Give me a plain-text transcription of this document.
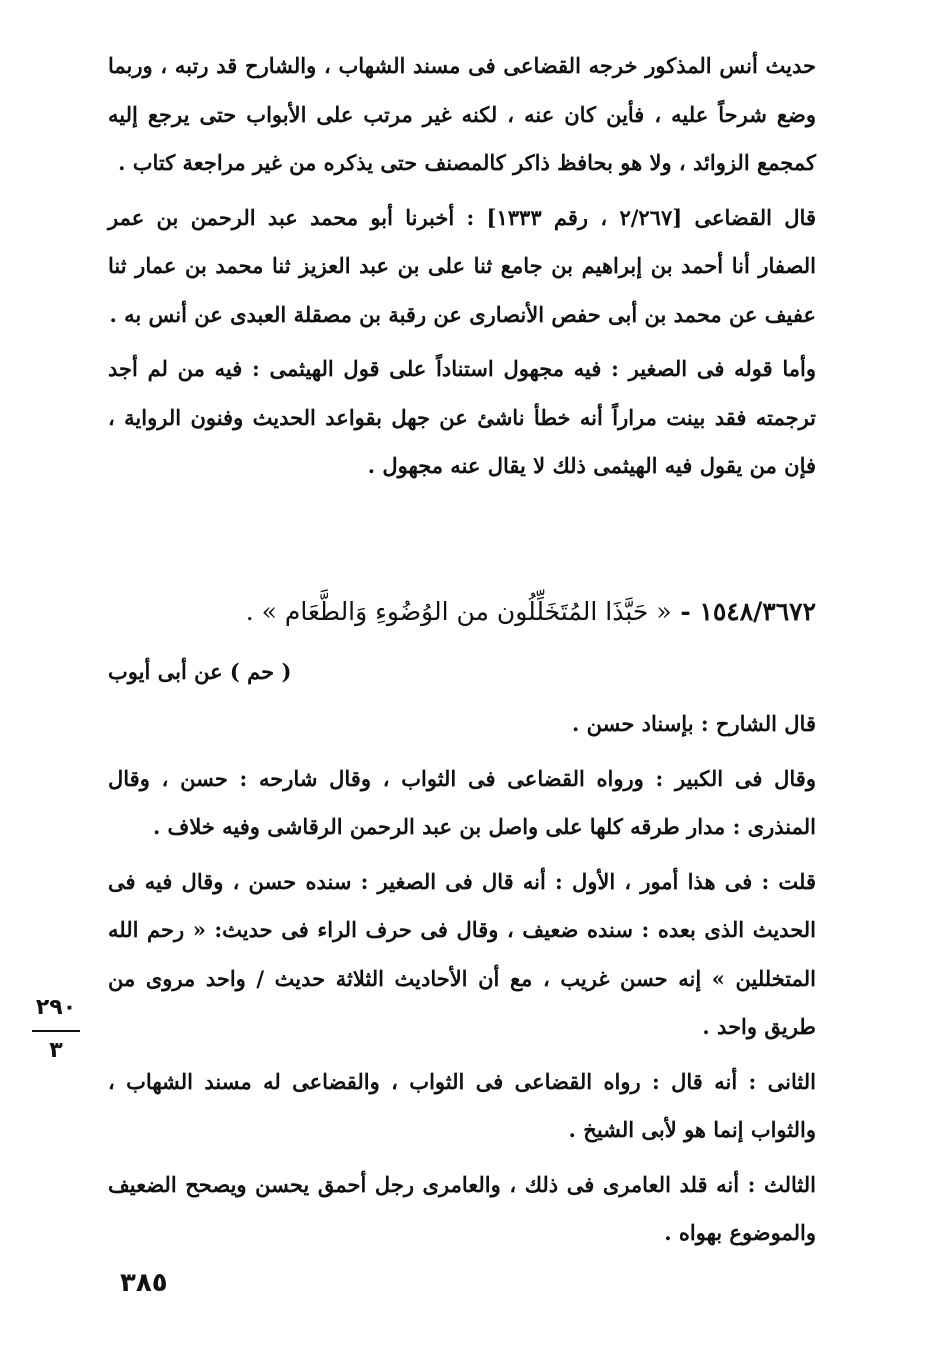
حديث أنس المذكور خرجه القضاعى فى مسند الشهاب ، والشارح قد رتبه ، وربما وضع شرحاً عليه ، فأين كان عنه ، لكنه غير مرتب على الأبواب حتى يرجع إليه كمجمع الزوائد ، ولا هو بحافظ ذاكر كالمصنف حتى يذكره من غير مراجعة كتاب .

قال القضاعى [٢/٢٦٧ ، رقم ١٣٣٣] : أخبرنا أبو محمد عبد الرحمن بن عمر الصفار أنا أحمد بن إبراهيم بن جامع ثنا على بن عبد العزيز ثنا محمد بن عمار ثنا عفيف عن محمد بن أبى حفص الأنصارى عن رقبة بن مصقلة العبدى عن أنس به .

وأما قوله فى الصغير : فيه مجهول استناداً على قول الهيثمى : فيه من لم أجد ترجمته فقد بينت مراراً أنه خطأ ناشئ عن جهل بقواعد الحديث وفنون الرواية ، فإن من يقول فيه الهيثمى ذلك لا يقال عنه مجهول .

١٥٤٨/٣٦٧٢ - « حَبَّذَا المُتَخَلِّلُون من الوُضُوءِ وَالطَّعَام » .
( حم ) عن أبى أيوب

قال الشارح : بإسناد حسن .

وقال فى الكبير : ورواه القضاعى فى الثواب ، وقال شارحه : حسن ، وقال المنذرى : مدار طرقه كلها على واصل بن عبد الرحمن الرقاشى وفيه خلاف .

قلت : فى هذا أمور ، الأول : أنه قال فى الصغير : سنده حسن ، وقال فيه فى الحديث الذى بعده : سنده ضعيف ، وقال فى حرف الراء فى حديث: « رحم الله المتخللين » إنه حسن غريب ، مع أن الأحاديث الثلاثة حديث / واحد مروى من طريق واحد .

الثانى : أنه قال : رواه القضاعى فى الثواب ، والقضاعى له مسند الشهاب ، والثواب إنما هو لأبى الشيخ .

الثالث : أنه قلد العامرى فى ذلك ، والعامرى رجل أحمق يحسن ويصحح الضعيف والموضوع بهواه .

٢٩٠
٣
٣٨٥
